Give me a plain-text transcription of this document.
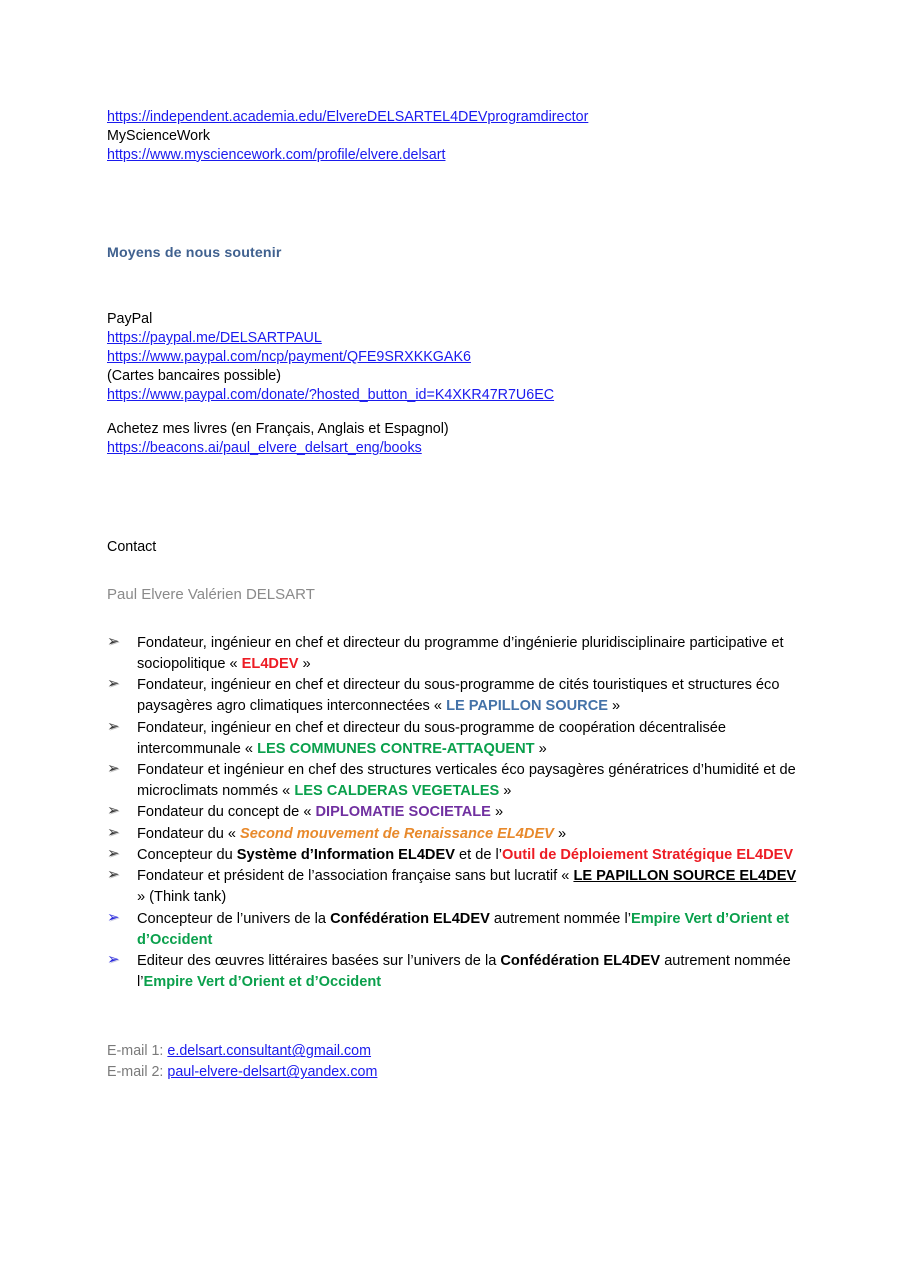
https://independent.academia.edu/ElvereDELSARTEL4DEVprogramdirector
MyScienceWork
https://www.mysciencework.com/profile/elvere.delsart
Moyens de nous soutenir
PayPal
https://paypal.me/DELSARTPAUL
https://www.paypal.com/ncp/payment/QFE9SRXKKGAK6
(Cartes bancaires possible)
https://www.paypal.com/donate/?hosted_button_id=K4XKR47R7U6EC
Achetez mes livres (en Français, Anglais et Espagnol)
https://beacons.ai/paul_elvere_delsart_eng/books
Contact
Paul Elvere Valérien DELSART
➢ Fondateur, ingénieur en chef et directeur du programme d’ingénierie pluridisciplinaire participative et sociopolitique « EL4DEV »
➢ Fondateur, ingénieur en chef et directeur du sous-programme de cités touristiques et structures éco paysagères agro climatiques interconnectées « LE PAPILLON SOURCE »
➢ Fondateur, ingénieur en chef et directeur du sous-programme de coopération décentralisée intercommunale « LES COMMUNES CONTRE-ATTAQUENT »
➢ Fondateur et ingénieur en chef des structures verticales éco paysagères génératrices d’humidité et de microclimats nommés « LES CALDERAS VEGETALES »
➢ Fondateur du concept de « DIPLOMATIE SOCIETALE »
➢ Fondateur du « Second mouvement de Renaissance EL4DEV »
➢ Concepteur du Système d’Information EL4DEV et de l’Outil de Déploiement Stratégique EL4DEV
➢ Fondateur et président de l’association française sans but lucratif « LE PAPILLON SOURCE EL4DEV » (Think tank)
➢ Concepteur de l’univers de la Confédération EL4DEV autrement nommée l’Empire Vert d’Orient et d’Occident
➢ Editeur des œuvres littéraires basées sur l’univers de la Confédération EL4DEV autrement nommée l’Empire Vert d’Orient et d’Occident
E-mail 1: e.delsart.consultant@gmail.com
E-mail 2: paul-elvere-delsart@yandex.com
